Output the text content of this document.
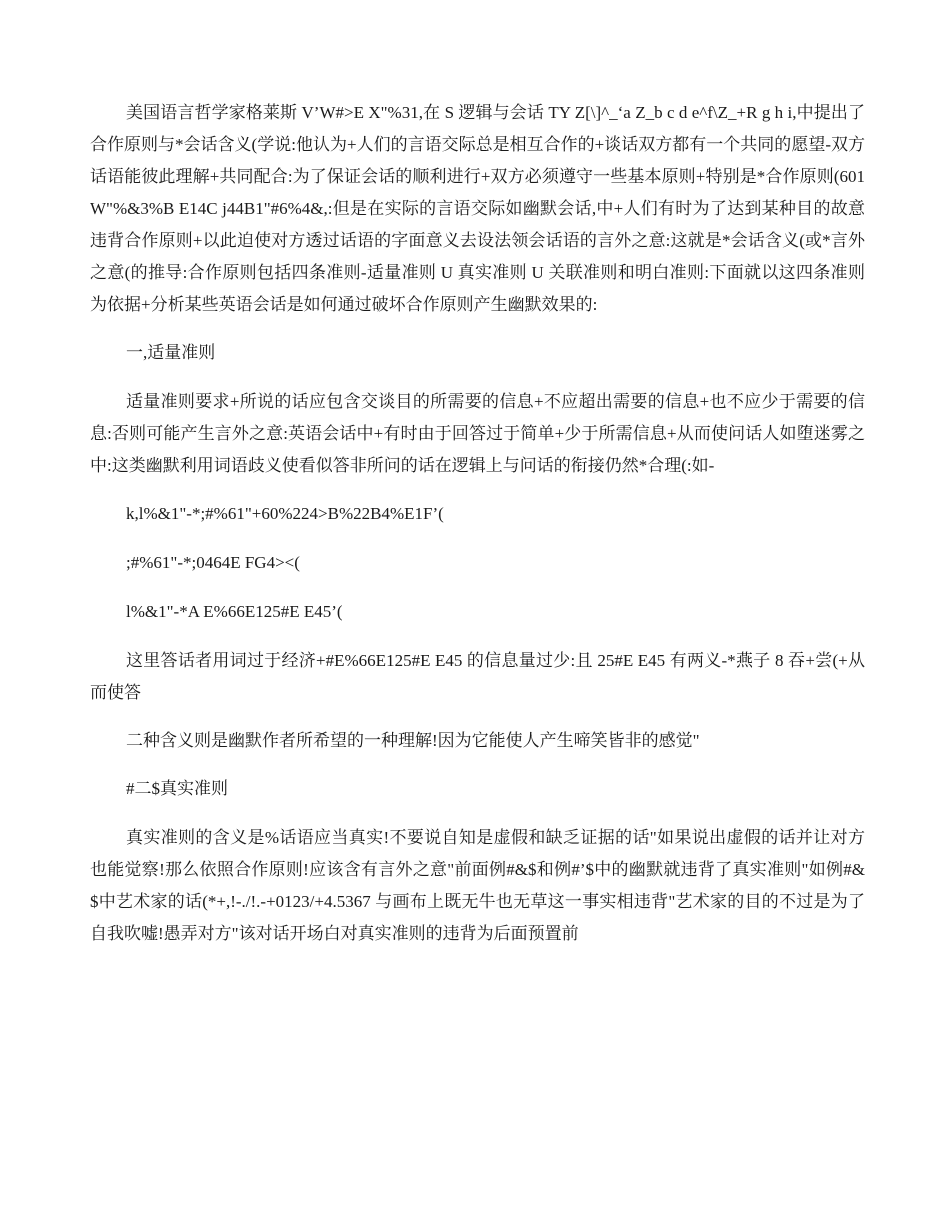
美国语言哲学家格莱斯 V’W#>E X"%31,在 S 逻辑与会话 TY Z[\]^_‘a Z_b c d e^f\Z_+R g h i,中提出了合作原则与*会话含义(学说:他认为+人们的言语交际总是相互合作的+谈话双方都有一个共同的愿望-双方话语能彼此理解+共同配合:为了保证会话的顺利进行+双方必须遵守一些基本原则+特别是*合作原则(601 W"%&3%B E14C j44B1"#6%4&,:但是在实际的言语交际如幽默会话,中+人们有时为了达到某种目的故意违背合作原则+以此迫使对方透过话语的字面意义去设法领会话语的言外之意:这就是*会话含义(或*言外之意(的推导:合作原则包括四条准则-适量准则 U 真实准则 U 关联准则和明白准则:下面就以这四条准则为依据+分析某些英语会话是如何通过破坏合作原则产生幽默效果的:

一,适量准则

适量准则要求+所说的话应包含交谈目的所需要的信息+不应超出需要的信息+也不应少于需要的信息:否则可能产生言外之意:英语会话中+有时由于回答过于简单+少于所需信息+从而使问话人如堕迷雾之中:这类幽默利用词语歧义使看似答非所问的话在逻辑上与问话的衔接仍然*合理(:如-

k,l%&1"-*;#%61"+60%224>B%22B4%E1F’(

;#%61"-*;0464E FG4><(

l%&1"-*A E%66E125#E E45’(

这里答话者用词过于经济+#E%66E125#E E45 的信息量过少:且 25#E E45 有两义-*燕子 8 吞+尝(+从而使答

二种含义则是幽默作者所希望的一种理解!因为它能使人产生啼笑皆非的感觉"

#二$真实准则

真实准则的含义是%话语应当真实!不要说自知是虚假和缺乏证据的话"如果说出虚假的话并让对方也能觉察!那么依照合作原则!应该含有言外之意"前面例#&$和例#’$中的幽默就违背了真实准则"如例#&$中艺术家的话(*+,!-./!.-+0123/+4.5367 与画布上既无牛也无草这一事实相违背"艺术家的目的不过是为了自我吹嘘!愚弄对方"该对话开场白对真实准则的违背为后面预置前
